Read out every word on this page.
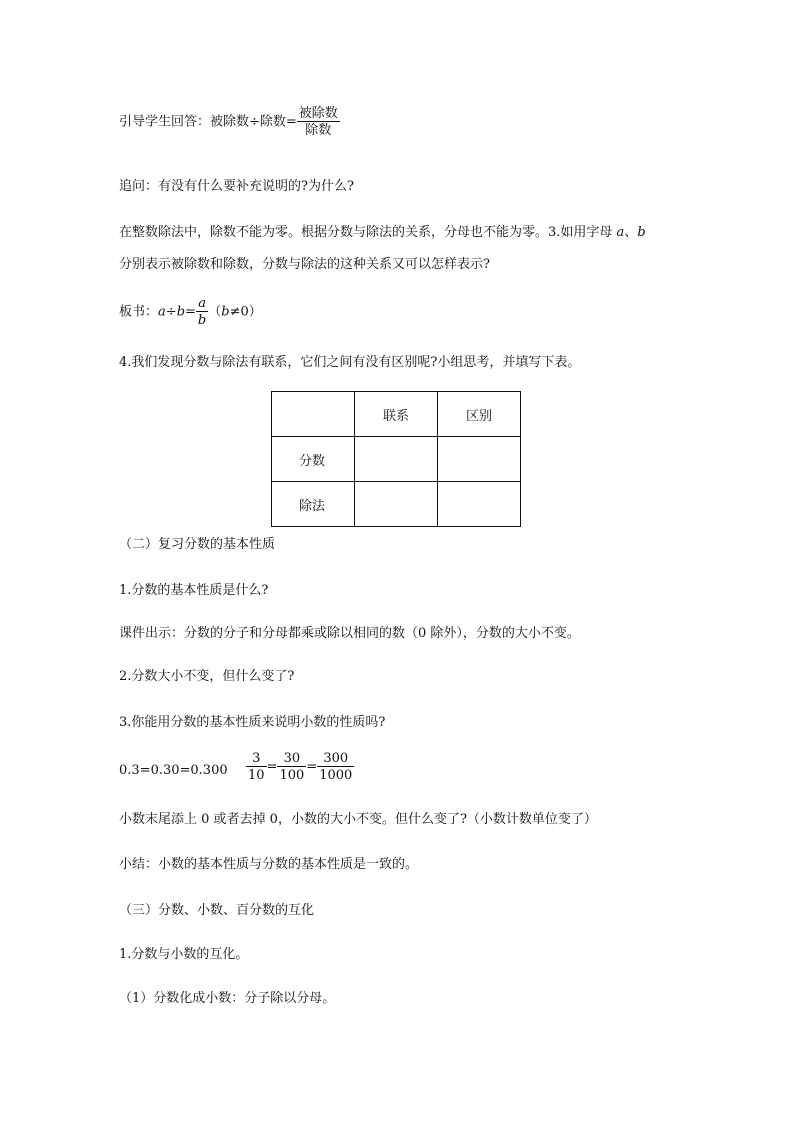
引导学生回答：被除数÷除数= $\frac{\text{被除数}}{\text{除数}}$
追问：有没有什么要补充说明的?为什么?
在整数除法中，除数不能为零。根据分数与除法的关系，分母也不能为零。3.如用字母 a、b
分别表示被除数和除数，分数与除法的这种关系又可以怎样表示?
板书：$a\div b= \frac{a}{b} (b\ne 0)$
4.我们发现分数与除法有联系，它们之间有没有区别呢?小组思考，并填写下表。
	联系	区别
分数		
除法		
（二）复习分数的基本性质
1.分数的基本性质是什么?
课件出示：分数的分子和分母都乘或除以相同的数（0 除外），分数的大小不变。
2.分数大小不变，但什么变了?
3.你能用分数的基本性质来说明小数的性质吗?
$0.3=0.30=0.300 \frac{3}{10} = \frac{30}{100} = \frac{300}{1000}$
小数末尾添上 0 或者去掉 0，小数的大小不变。但什么变了?（小数计数单位变了）
小结：小数的基本性质与分数的基本性质是一致的。
（三）分数、小数、百分数的互化
1.分数与小数的互化。
（1）分数化成小数：分子除以分母。
